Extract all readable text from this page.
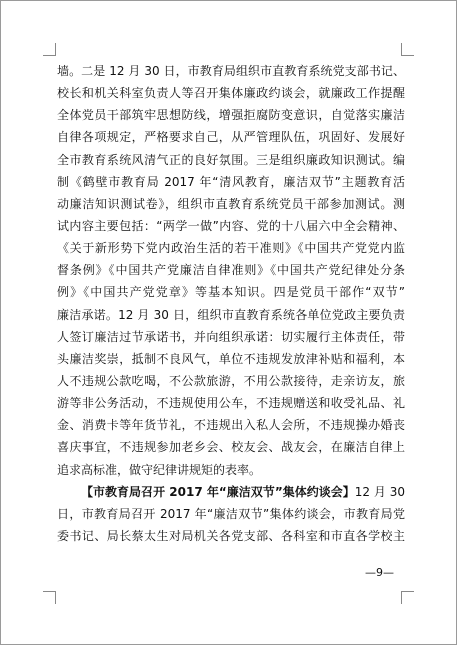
墙。二是 12 月 30 日，市教育局组织市直教育系统党支部书记、
校长和机关科室负责人等召开集体廉政约谈会，就廉政工作提醒
全体党员干部筑牢思想防线，增强拒腐防变意识，自觉落实廉洁
自律各项规定，严格要求自己，从严管理队伍，巩固好、发展好
全市教育系统风清气正的良好氛围。三是组织廉政知识测试。编
制《鹤壁市教育局 2017 年“清风教育，廉洁双节”主题教育活
动廉洁知识测试卷》，组织市直教育系统党员干部参加测试。测
试内容主要包括：“两学一做”内容、党的十八届六中全会精神、
《关于新形势下党内政治生活的若干准则》《中国共产党党内监
督条例》《中国共产党廉洁自律准则》《中国共产党纪律处分条
例》《中国共产党党章》等基本知识。四是党员干部作“双节”
廉洁承诺。12 月 30 日，组织市直教育系统各单位党政主要负责
人签订廉洁过节承诺书，并向组织承诺：切实履行主体责任，带
头廉洁奖崇，抵制不良风气，单位不违规发放津补贴和福利，本
人不违规公款吃喝，不公款旅游，不用公款接待，走亲访友，旅
游等非公务活动，不违规使用公车，不违规赠送和收受礼品、礼
金、消费卡等年货节礼，不违规出入私人会所，不违规操办婚丧
喜庆事宜，不违规参加老乡会、校友会、战友会，在廉洁自律上
追求高标准，做守纪律讲规矩的表率。
【市教育局召开 2017 年“廉洁双节”集体约谈会】12 月 30
日，市教育局召开 2017 年“廉洁双节”集体约谈会，市教育局党
委书记、局长蔡太生对局机关各党支部、各科室和市直各学校主
—9—
